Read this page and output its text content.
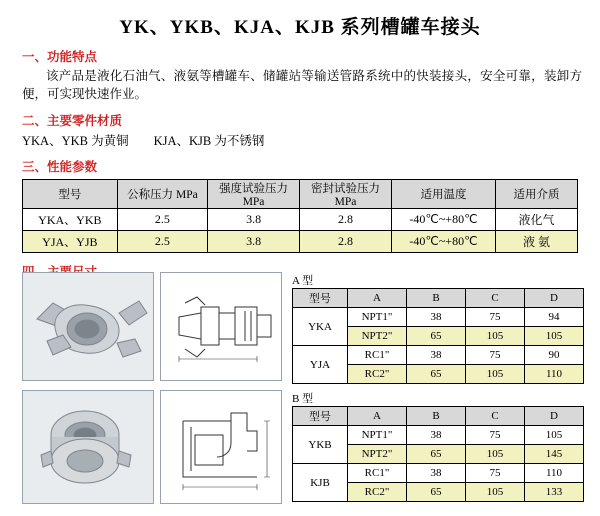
YK、YKB、KJA、KJB 系列槽罐车接头
一、功能特点
该产品是液化石油气、液氨等槽罐车、储罐站等输送管路系统中的快装接头，安全可靠，装卸方便，可实现快速作业。
二、主要零件材质
YKA、YKB 为黄铜        KJA、KJB 为不锈钢
三、性能参数
型号	公称压力 MPa	强度试验压力 MPa	密封试验压力 MPa	适用温度	适用介质
YKA、YKB	2.5	3.8	2.8	-40℃~+80℃	液化气
YJA、YJB	2.5	3.8	2.8	-40℃~+80℃	液 氨
A 型
型号	A	B	C	D
YKA	NPT1"	38	75	94
	NPT2"	65	105	105
YJA	RC1"	38	75	90
	RC2"	65	105	110
B 型
型号	A	B	C	D
YKB	NPT1"	38	75	105
	NPT2"	65	105	145
KJB	RC1"	38	75	110
	RC2"	65	105	133
